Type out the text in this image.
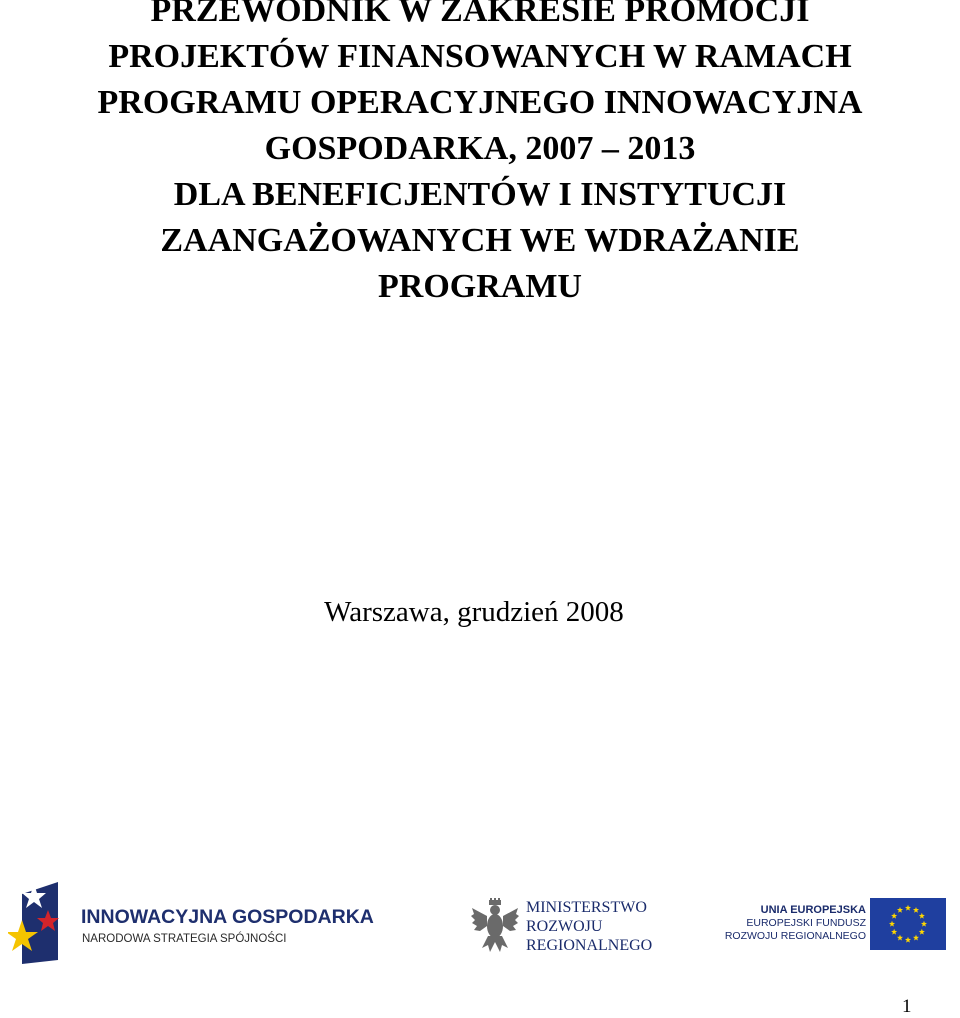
PRZEWODNIK W ZAKRESIE PROMOCJI
PROJEKTÓW FINANSOWANYCH W RAMACH
PROGRAMU OPERACYJNEGO INNOWACYJNA
GOSPODARKA, 2007 – 2013
DLA BENEFICJENTÓW I INSTYTUCJI
ZAANGAŻOWANYCH WE WDRAŻANIE
PROGRAMU
Warszawa, grudzień 2008
INNOWACYJNA GOSPODARKA
NARODOWA STRATEGIA SPÓJNOŚCI
MINISTERSTWO
ROZWOJU
REGIONALNEGO
UNIA EUROPEJSKA
EUROPEJSKI FUNDUSZ
ROZWOJU REGIONALNEGO
1
